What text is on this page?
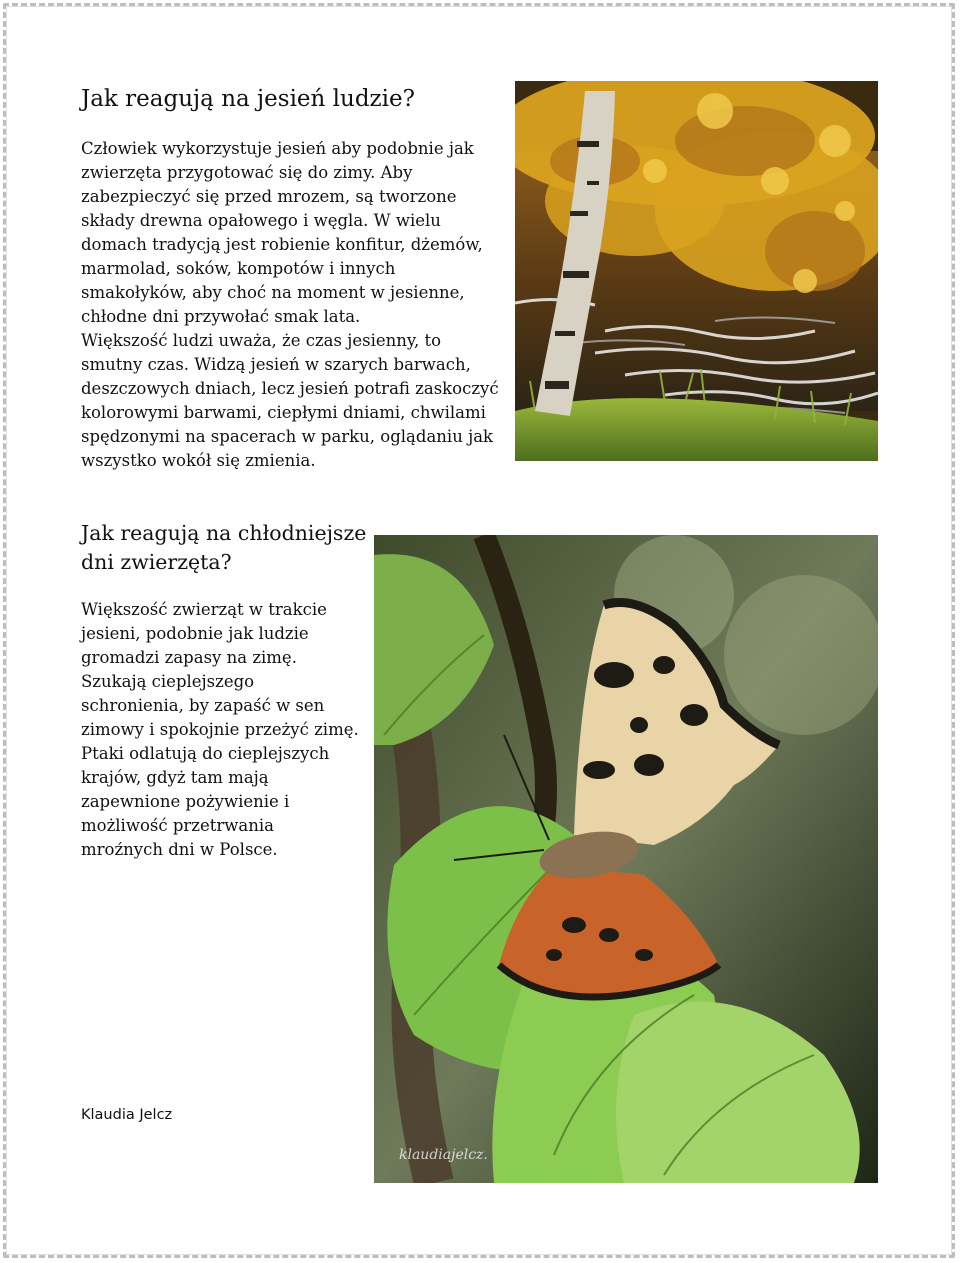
Jak reagują na jesień ludzie?

Człowiek wykorzystuje jesień aby podobnie jak zwierzęta przygotować się do zimy. Aby zabezpieczyć się przed mrozem, są tworzone składy drewna opałowego i węgla. W wielu domach tradycją jest robienie konfitur, dżemów, marmolad, soków, kompotów i innych smakołyków, aby choć na moment w jesienne, chłodne dni przywołać smak lata.

Większość ludzi uważa, że czas jesienny, to smutny czas. Widzą jesień w szarych barwach, deszczowych dniach, lecz jesień potrafi zaskoczyć kolorowymi barwami, ciepłymi dniami, chwilami spędzonymi na spacerach w parku, oglądaniu jak wszystko wokół się zmienia.

Jak reagują na chłodniejsze dni zwierzęta?

Większość zwierząt w trakcie jesieni, podobnie jak ludzie gromadzi zapasy na zimę. Szukają cieplejszego schronienia, by zapaść w sen zimowy i spokojnie przeżyć zimę.

Ptaki odlatują do cieplejszych krajów, gdyż tam mają zapewnione pożywienie i możliwość przetrwania mroźnych dni w Polsce.

klaudiajelcz.
Klaudia Jelcz
